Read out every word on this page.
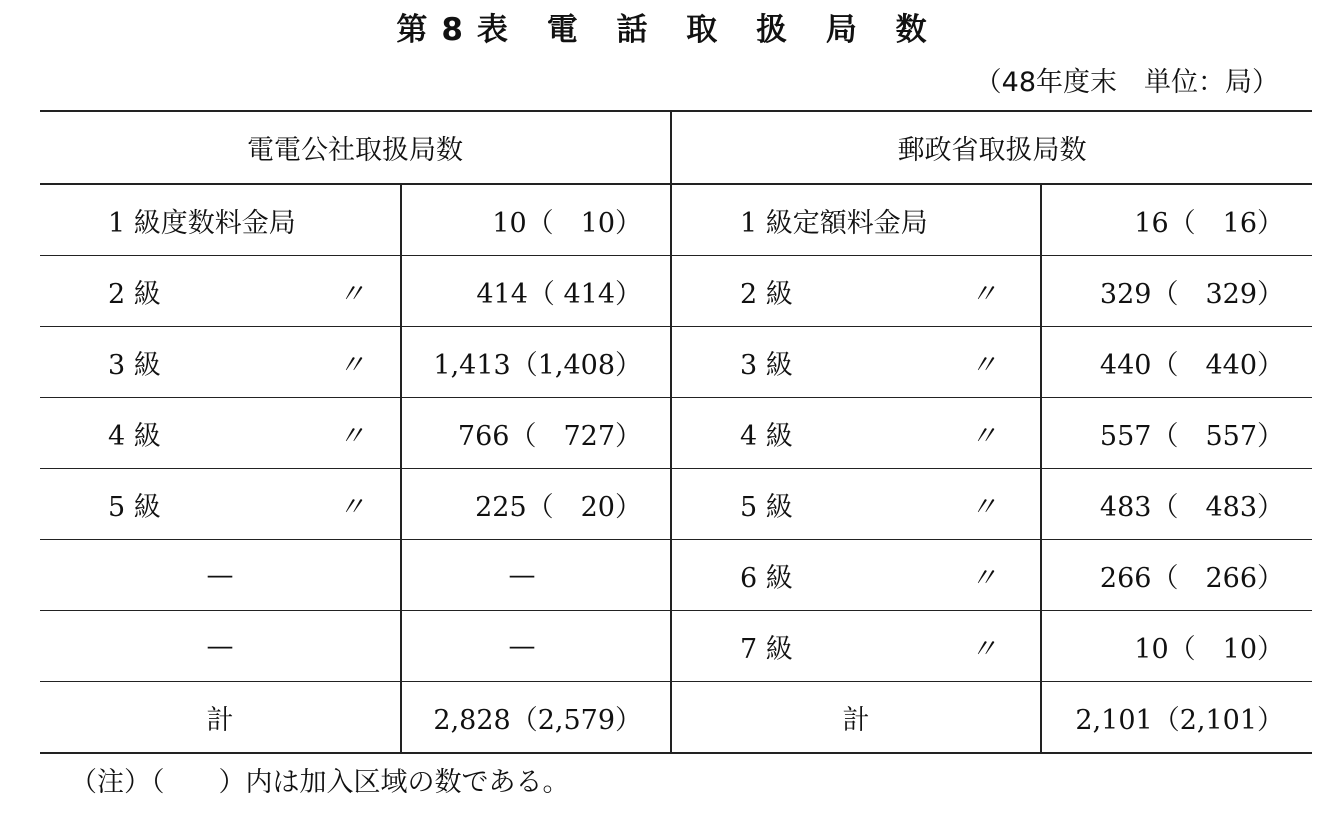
第8表 電 話 取 扱 局 数
（48年度末　単位：局）
電電公社取扱局数		郵政省取扱局数	
1 級度数料金局	10（　10）	1 級定額料金局	16（　16）
2 級 〃	414（ 414）	2 級 〃	329（　329）
3 級 〃	1,413（1,408）	3 級 〃	440（　440）
4 級 〃	766（　727）	4 級 〃	557（　557）
5 級 〃	225（　20）	5 級 〃	483（　483）
—	—	6 級 〃	266（　266）
—	—	7 級 〃	10（　10）
計	2,828（2,579）	計	2,101（2,101）
（注）（　　）内は加入区域の数である。
